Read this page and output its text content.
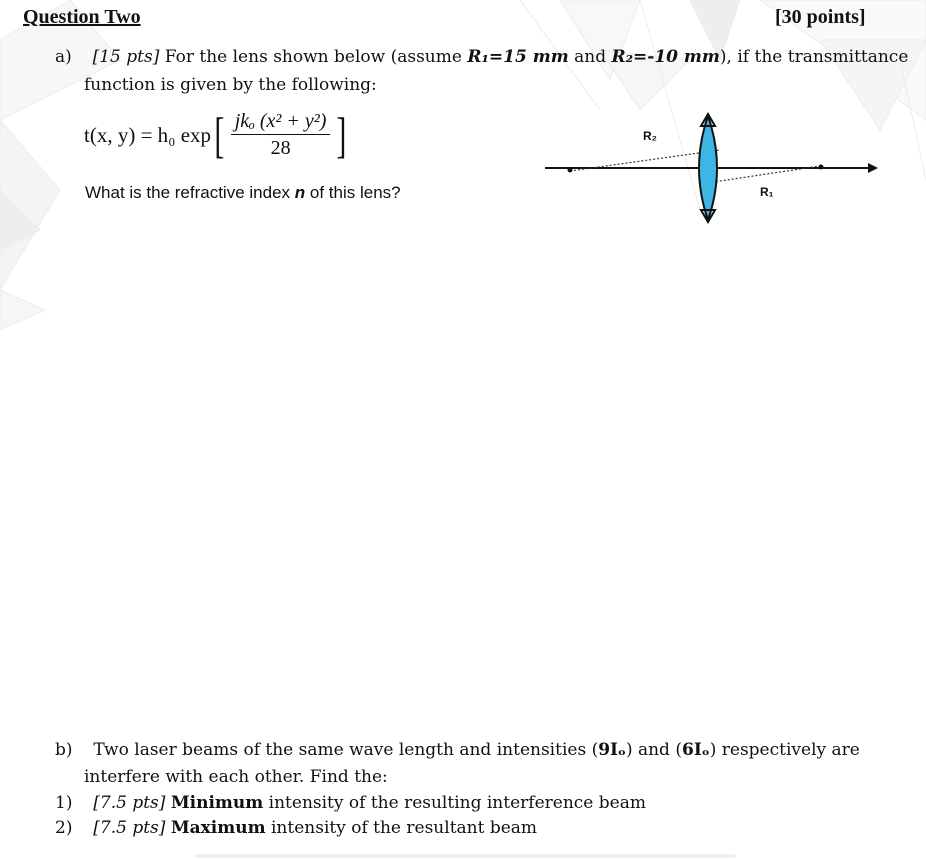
Question Two	[30 points]
a) [15 pts] For the lens shown below (assume R₁=15 mm and R₂=-10 mm), if the transmittance
function is given by the following:
t(x, y) = h₀ exp [ $\frac{\text{jkₒ (x² + y²)}}{28}$ ]
What is the refractive index n of this lens?
R₂
R₁
b) Two laser beams of the same wave length and intensities (9Iₒ) and (6Iₒ) respectively are
interfere with each other. Find the:
1) [7.5 pts] Minimum intensity of the resulting interference beam
2) [7.5 pts] Maximum intensity of the resultant beam
